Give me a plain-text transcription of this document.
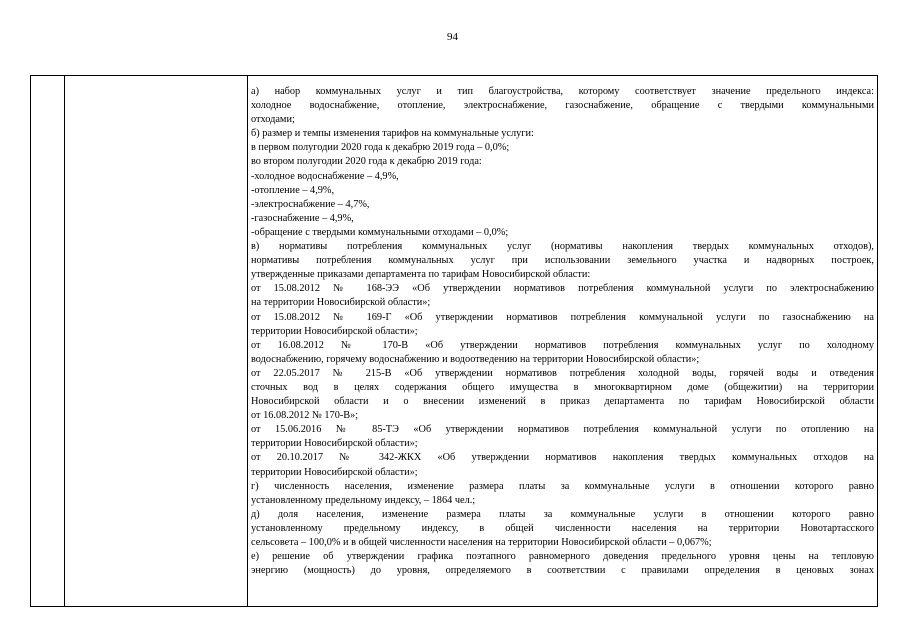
94
а) набор коммунальных услуг и тип благоустройства, которому соответствует значение предельного индекса:
холодное водоснабжение, отопление, электроснабжение, газоснабжение, обращение с твердыми коммунальными
отходами;
б) размер и темпы изменения тарифов на коммунальные услуги:
в первом полугодии 2020 года к декабрю 2019 года – 0,0%;
во втором полугодии 2020 года к декабрю 2019 года:
-холодное водоснабжение – 4,9%,
-отопление – 4,9%,
-электроснабжение – 4,7%,
-газоснабжение – 4,9%,
-обращение с твердыми коммунальными отходами – 0,0%;
в) нормативы потребления коммунальных услуг (нормативы накопления твердых коммунальных отходов),
нормативы потребления коммунальных услуг при использовании земельного участка и надворных построек,
утвержденные приказами департамента по тарифам Новосибирской области:
от 15.08.2012 № 168-ЭЭ «Об утверждении нормативов потребления коммунальной услуги по электроснабжению
на территории Новосибирской области»;
от 15.08.2012 № 169-Г «Об утверждении нормативов потребления коммунальной услуги по газоснабжению на
территории Новосибирской области»;
от 16.08.2012 № 170-В «Об утверждении нормативов потребления коммунальных услуг по холодному
водоснабжению, горячему водоснабжению и водоотведению на территории Новосибирской области»;
от 22.05.2017 № 215-В «Об утверждении нормативов потребления холодной воды, горячей воды и отведения
сточных вод в целях содержания общего имущества в многоквартирном доме (общежитии) на территории
Новосибирской области и о внесении изменений в приказ департамента по тарифам Новосибирской области
от 16.08.2012 № 170-В»;
от 15.06.2016 № 85-ТЭ «Об утверждении нормативов потребления коммунальной услуги по отоплению на
территории Новосибирской области»;
от 20.10.2017 № 342-ЖКХ «Об утверждении нормативов накопления твердых коммунальных отходов на
территории Новосибирской области»;
г) численность населения, изменение размера платы за коммунальные услуги в отношении которого равно
установленному предельному индексу, – 1864 чел.;
д) доля населения, изменение размера платы за коммунальные услуги в отношении которого равно
установленному предельному индексу, в общей численности населения на территории Новотартасского
сельсовета – 100,0% и в общей численности населения на территории Новосибирской области – 0,067%;
е) решение об утверждении графика поэтапного равномерного доведения предельного уровня цены на тепловую
энергию (мощность) до уровня, определяемого в соответствии с правилами определения в ценовых зонах
